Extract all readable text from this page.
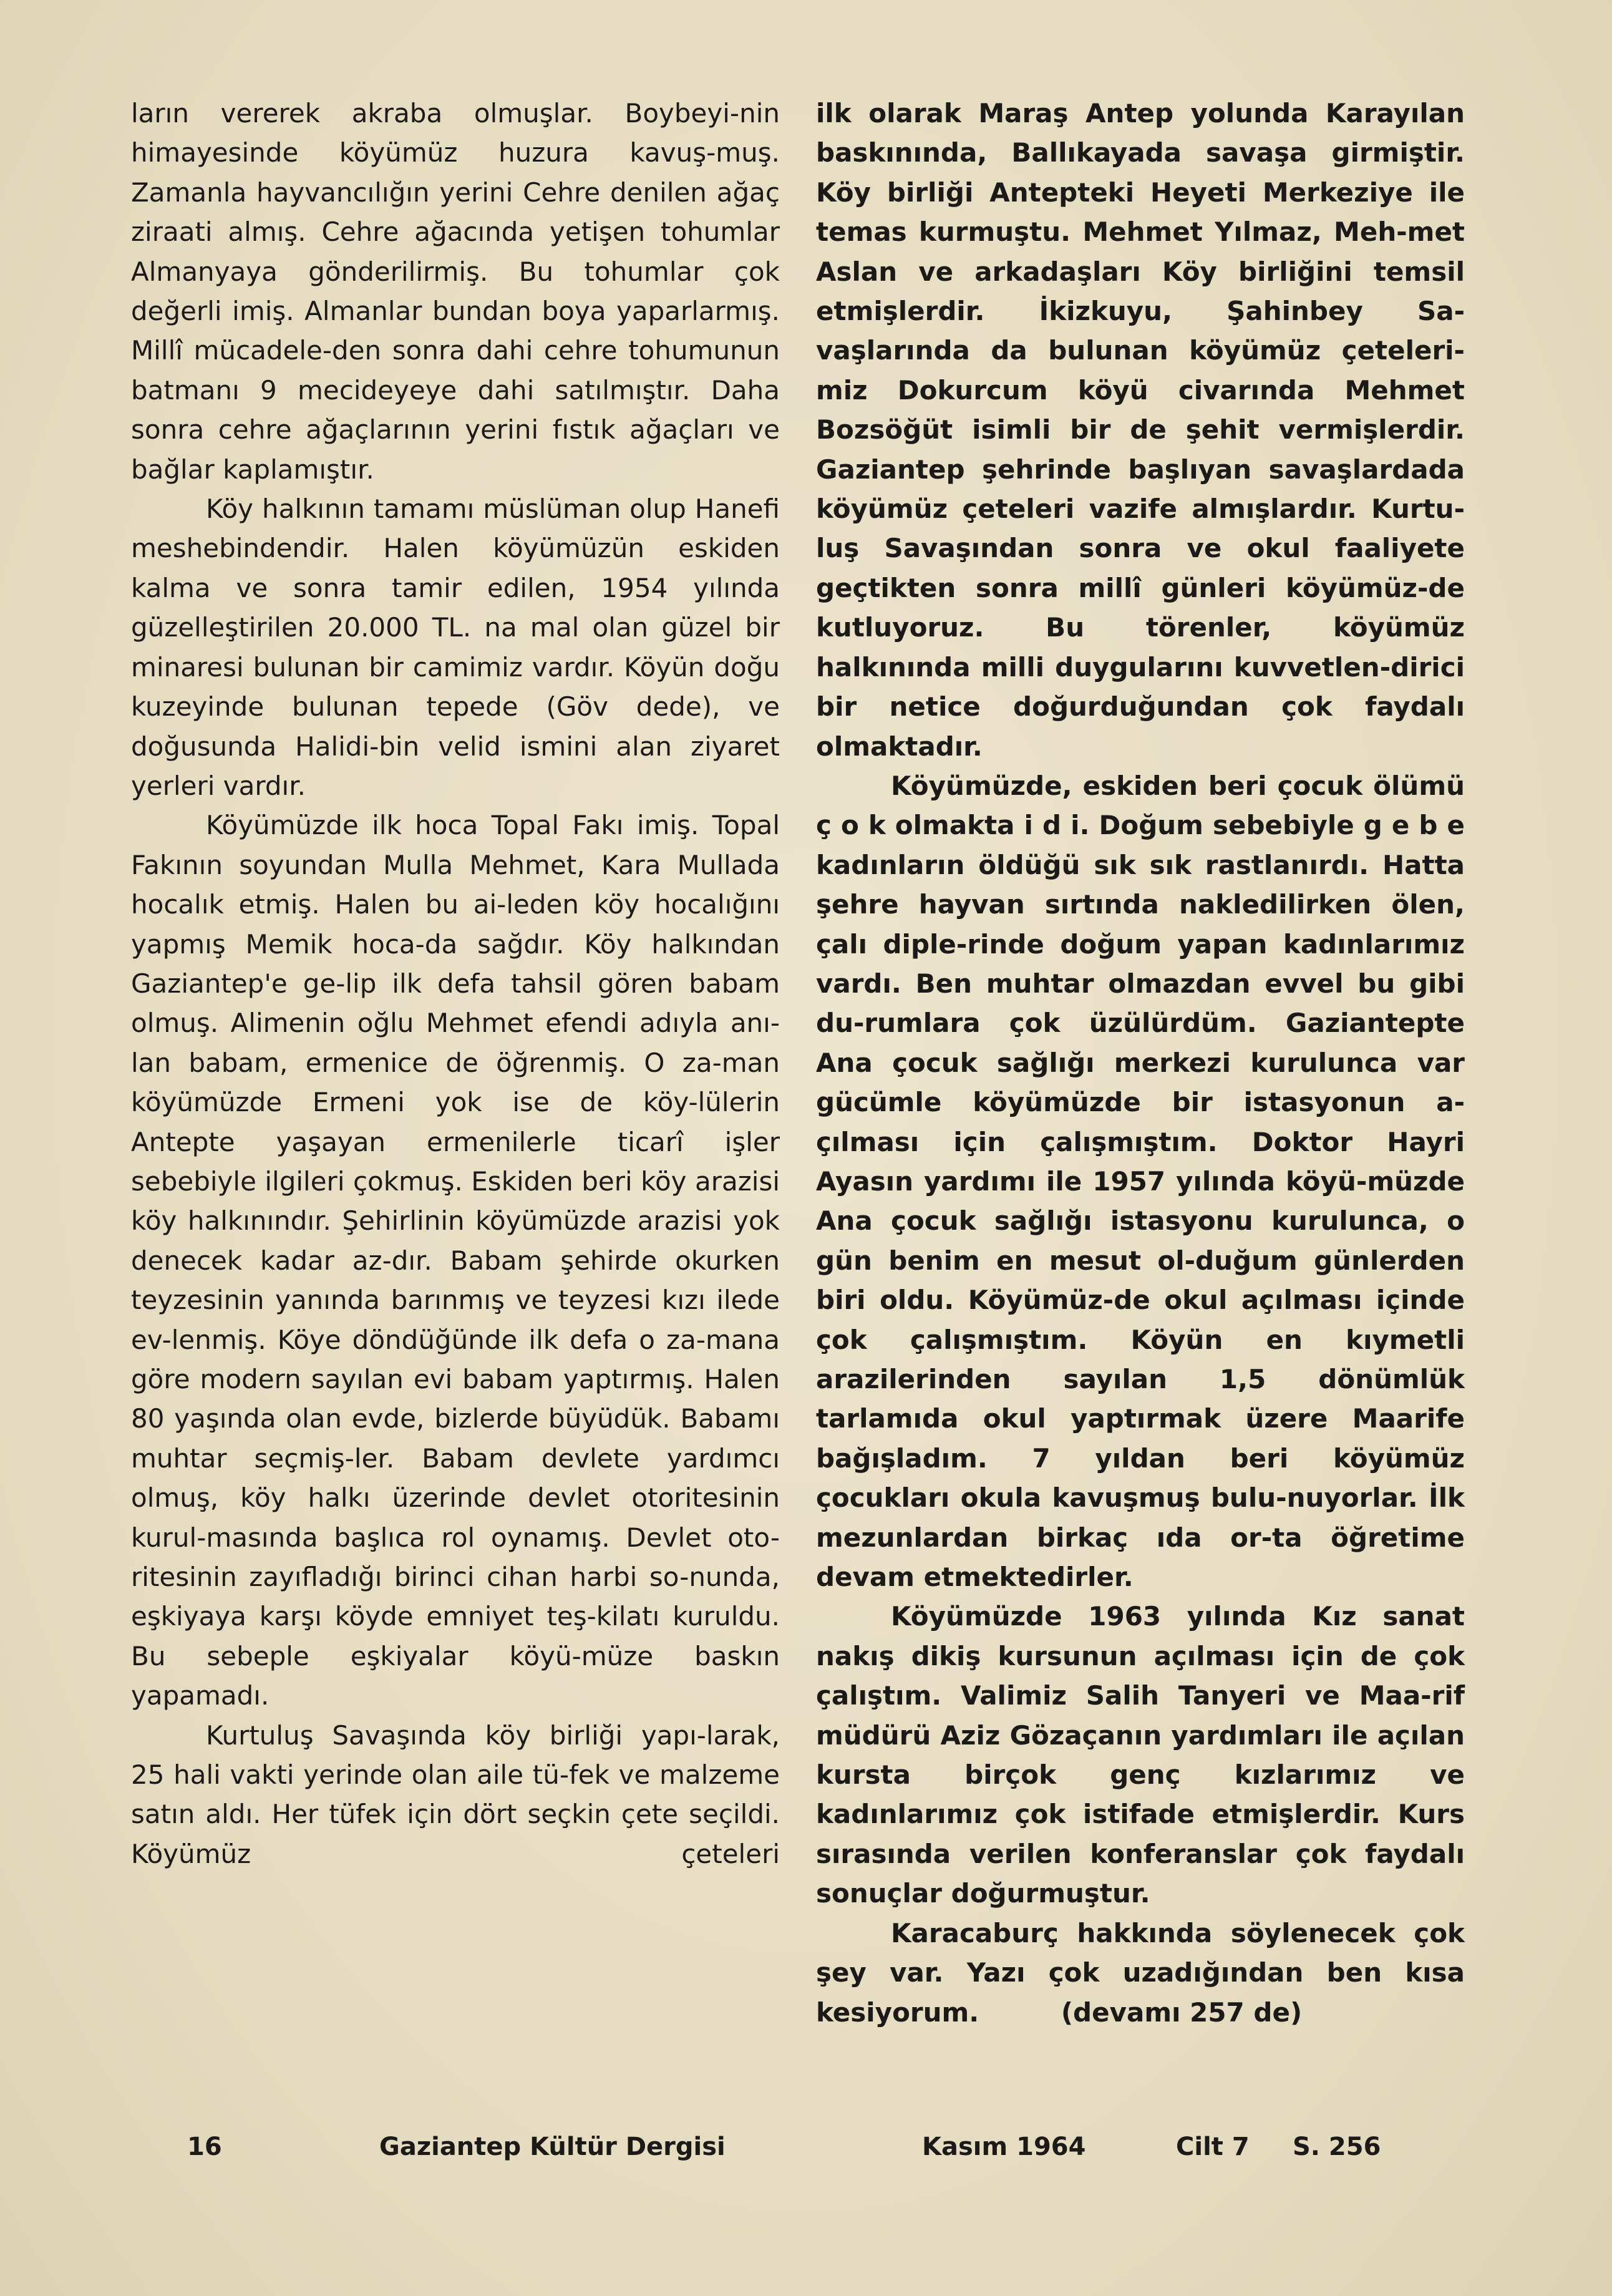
ların vererek akraba olmuşlar. Boybeyi-nin himayesinde köyümüz huzura kavuş-muş. Zamanla hayvancılığın yerini Cehre denilen ağaç ziraati almış. Cehre ağacında yetişen tohumlar Almanyaya gönderilirmiş. Bu tohumlar çok değerli imiş. Almanlar bundan boya yaparlarmış. Millî mücadele-den sonra dahi cehre tohumunun batmanı 9 mecideyeye dahi satılmıştır. Daha sonra cehre ağaçlarının yerini fıstık ağaçları ve bağlar kaplamıştır.

Köy halkının tamamı müslüman olup Hanefi meshebindendir. Halen köyümüzün eskiden kalma ve sonra tamir edilen, 1954 yılında güzelleştirilen 20.000 TL. na mal olan güzel bir minaresi bulunan bir camimiz vardır. Köyün doğu kuzeyinde bulunan tepede (Göv dede), ve doğusunda Halidi-bin velid ismini alan ziyaret yerleri vardır.

Köyümüzde ilk hoca Topal Fakı imiş. Topal Fakının soyundan Mulla Mehmet, Kara Mullada hocalık etmiş. Halen bu ai-leden köy hocalığını yapmış Memik hoca-da sağdır. Köy halkından Gaziantep'e ge-lip ilk defa tahsil gören babam olmuş. Alimenin oğlu Mehmet efendi adıyla anı-lan babam, ermenice de öğrenmiş. O za-man köyümüzde Ermeni yok ise de köy-lülerin Antepte yaşayan ermenilerle ticarî işler sebebiyle ilgileri çokmuş. Eskiden beri köy arazisi köy halkınındır. Şehirlinin köyümüzde arazisi yok denecek kadar az-dır. Babam şehirde okurken teyzesinin yanında barınmış ve teyzesi kızı ilede ev-lenmiş. Köye döndüğünde ilk defa o za-mana göre modern sayılan evi babam yaptırmış. Halen 80 yaşında olan evde, bizlerde büyüdük. Babamı muhtar seçmiş-ler. Babam devlete yardımcı olmuş, köy halkı üzerinde devlet otoritesinin kurul-masında başlıca rol oynamış. Devlet oto-ritesinin zayıfladığı birinci cihan harbi so-nunda, eşkiyaya karşı köyde emniyet teş-kilatı kuruldu. Bu sebeple eşkiyalar köyü-müze baskın yapamadı.

Kurtuluş Savaşında köy birliği yapı-larak, 25 hali vakti yerinde olan aile tü-fek ve malzeme satın aldı. Her tüfek için dört seçkin çete seçildi. Köyümüz çeteleri

ilk olarak Maraş Antep yolunda Karayılan baskınında, Ballıkayada savaşa girmiştir. Köy birliği Antepteki Heyeti Merkeziye ile temas kurmuştu. Mehmet Yılmaz, Meh-met Aslan ve arkadaşları Köy birliğini temsil etmişlerdir. İkizkuyu, Şahinbey Sa-vaşlarında da bulunan köyümüz çeteleri-miz Dokurcum köyü civarında Mehmet Bozsöğüt isimli bir de şehit vermişlerdir. Gaziantep şehrinde başlıyan savaşlardada köyümüz çeteleri vazife almışlardır. Kurtu-luş Savaşından sonra ve okul faaliyete geçtikten sonra millî günleri köyümüz-de kutluyoruz. Bu törenler, köyümüz halkınında milli duygularını kuvvetlen-dirici bir netice doğurduğundan çok faydalı olmaktadır.

Köyümüzde, eskiden beri çocuk ölümü ç o k olmakta i d i. Doğum sebebiyle g e b e kadınların öldüğü sık sık rastlanırdı. Hatta şehre hayvan sırtında nakledilirken ölen, çalı diple-rinde doğum yapan kadınlarımız vardı. Ben muhtar olmazdan evvel bu gibi du-rumlara çok üzülürdüm. Gaziantepte Ana çocuk sağlığı merkezi kurulunca var gücümle köyümüzde bir istasyonun a-çılması için çalışmıştım. Doktor Hayri Ayasın yardımı ile 1957 yılında köyü-müzde Ana çocuk sağlığı istasyonu kurulunca, o gün benim en mesut ol-duğum günlerden biri oldu. Köyümüz-de okul açılması içinde çok çalışmıştım. Köyün en kıymetli arazilerinden sayılan 1,5 dönümlük tarlamıda okul yaptırmak üzere Maarife bağışladım. 7 yıldan beri köyümüz çocukları okula kavuşmuş bulu-nuyorlar. İlk mezunlardan birkaç ıda or-ta öğretime devam etmektedirler.

Köyümüzde 1963 yılında Kız sanat nakış dikiş kursunun açılması için de çok çalıştım. Valimiz Salih Tanyeri ve Maa-rif müdürü Aziz Gözaçanın yardımları ile açılan kursta birçok genç kızlarımız ve kadınlarımız çok istifade etmişlerdir. Kurs sırasında verilen konferanslar çok faydalı sonuçlar doğurmuştur.

Karacaburç hakkında söylenecek çok şey var. Yazı çok uzadığından ben kısa kesiyorum.         (devamı 257 de)

16	Gaziantep Kültür Dergisi	Kasım 1964	Cilt 7 S. 256
